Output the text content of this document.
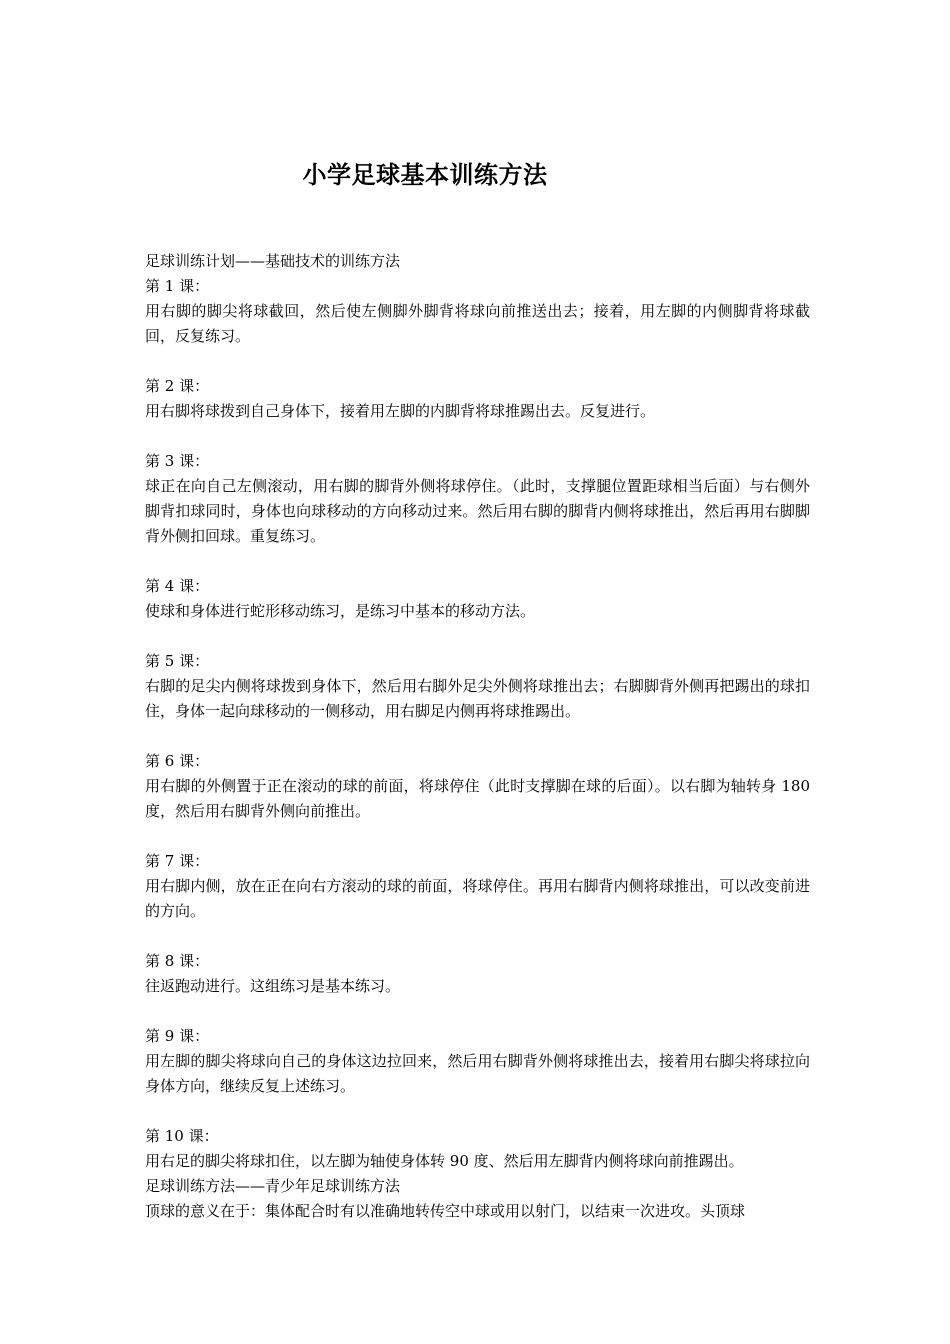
小学足球基本训练方法

足球训练计划——基础技术的训练方法

第 1 课：

用右脚的脚尖将球截回，然后使左侧脚外脚背将球向前推送出去；接着，用左脚的内侧脚背将球截回，反复练习。

第 2 课：

用右脚将球拨到自己身体下，接着用左脚的内脚背将球推踢出去。反复进行。

第 3 课：

球正在向自己左侧滚动，用右脚的脚背外侧将球停住。（此时，支撑腿位置距球相当后面）与右侧外脚背扣球同时，身体也向球移动的方向移动过来。然后用右脚的脚背内侧将球推出，然后再用右脚脚背外侧扣回球。重复练习。

第 4 课：

使球和身体进行蛇形移动练习，是练习中基本的移动方法。

第 5 课：

右脚的足尖内侧将球拨到身体下，然后用右脚外足尖外侧将球推出去；右脚脚背外侧再把踢出的球扣住，身体一起向球移动的一侧移动，用右脚足内侧再将球推踢出。

第 6 课：

用右脚的外侧置于正在滚动的球的前面，将球停住（此时支撑脚在球的后面）。以右脚为轴转身 180 度，然后用右脚背外侧向前推出。

第 7 课：

用右脚内侧，放在正在向右方滚动的球的前面，将球停住。再用右脚背内侧将球推出，可以改变前进的方向。

第 8 课：

往返跑动进行。这组练习是基本练习。

第 9 课：

用左脚的脚尖将球向自己的身体这边拉回来，然后用右脚背外侧将球推出去，接着用右脚尖将球拉向身体方向，继续反复上述练习。

第 10 课：

用右足的脚尖将球扣住，以左脚为轴使身体转 90 度、然后用左脚背内侧将球向前推踢出。

足球训练方法——青少年足球训练方法

顶球的意义在于：集体配合时有以准确地转传空中球或用以射门，以结束一次进攻。头顶球
